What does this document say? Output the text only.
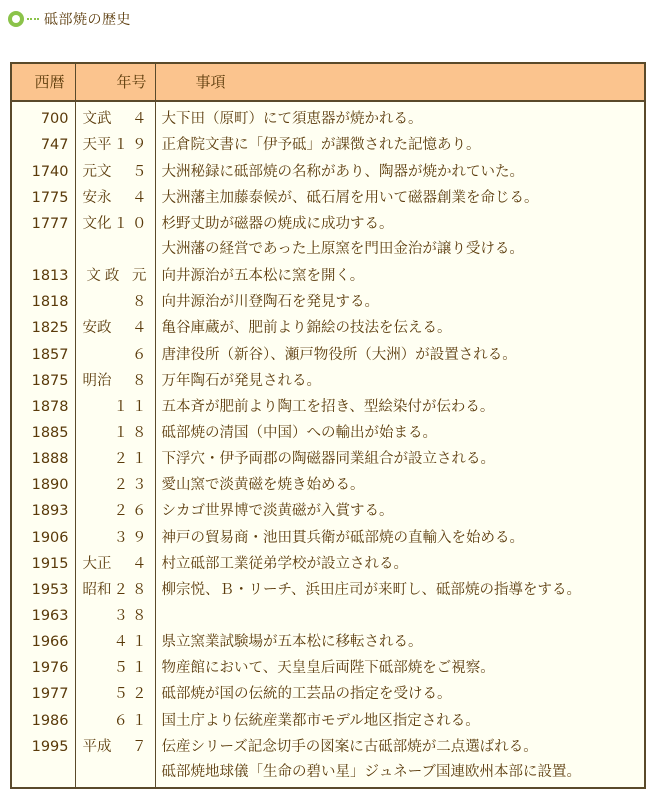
砥部焼の歴史
西暦	年号	事項
700	文武 ４	大下田（原町）にて須恵器が焼かれる。
747	天平 １９	正倉院文書に「伊予砥」が課徴された記憶あり。
1740	元文 ５	大洲秘録に砥部焼の名称があり、陶器が焼かれていた。
1775	安永 ４	大洲藩主加藤泰候が、砥石屑を用いて磁器創業を命じる。
1777	文化 １０	杉野丈助が磁器の焼成に成功する。
大洲藩の経営であった上原窯を門田金治が譲り受ける。
1813	文政 元	向井源治が五本松に窯を開く。
1818	８	向井源治が川登陶石を発見する。
1825	安政 ４	亀谷庫蔵が、肥前より錦絵の技法を伝える。
1857	６	唐津役所（新谷）、瀬戸物役所（大洲）が設置される。
1875	明治 ８	万年陶石が発見される。
1878	１１	五本斉が肥前より陶工を招き、型絵染付が伝わる。
1885	１８	砥部焼の清国（中国）への輸出が始まる。
1888	２１	下浮穴・伊予両郡の陶磁器同業組合が設立される。
1890	２３	愛山窯で淡黄磁を焼き始める。
1893	２６	シカゴ世界博で淡黄磁が入賞する。
1906	３９	神戸の貿易商・池田貫兵衛が砥部焼の直輸入を始める。
1915	大正 ４	村立砥部工業従弟学校が設立される。
1953	昭和 ２８	柳宗悦、Ｂ・リーチ、浜田庄司が来町し、砥部焼の指導をする。
1963	３８	

1966	４１	県立窯業試験場が五本松に移転される。
1976	５１	物産館において、天皇皇后両陛下砥部焼をご視察。
1977	５２	砥部焼が国の伝統的工芸品の指定を受ける。
1986	６１	国土庁より伝統産業都市モデル地区指定される。
1995	平成 ７	伝産シリーズ記念切手の図案に古砥部焼が二点選ばれる。
砥部焼地球儀「生命の碧い星」ジュネーブ国連欧州本部に設置。
